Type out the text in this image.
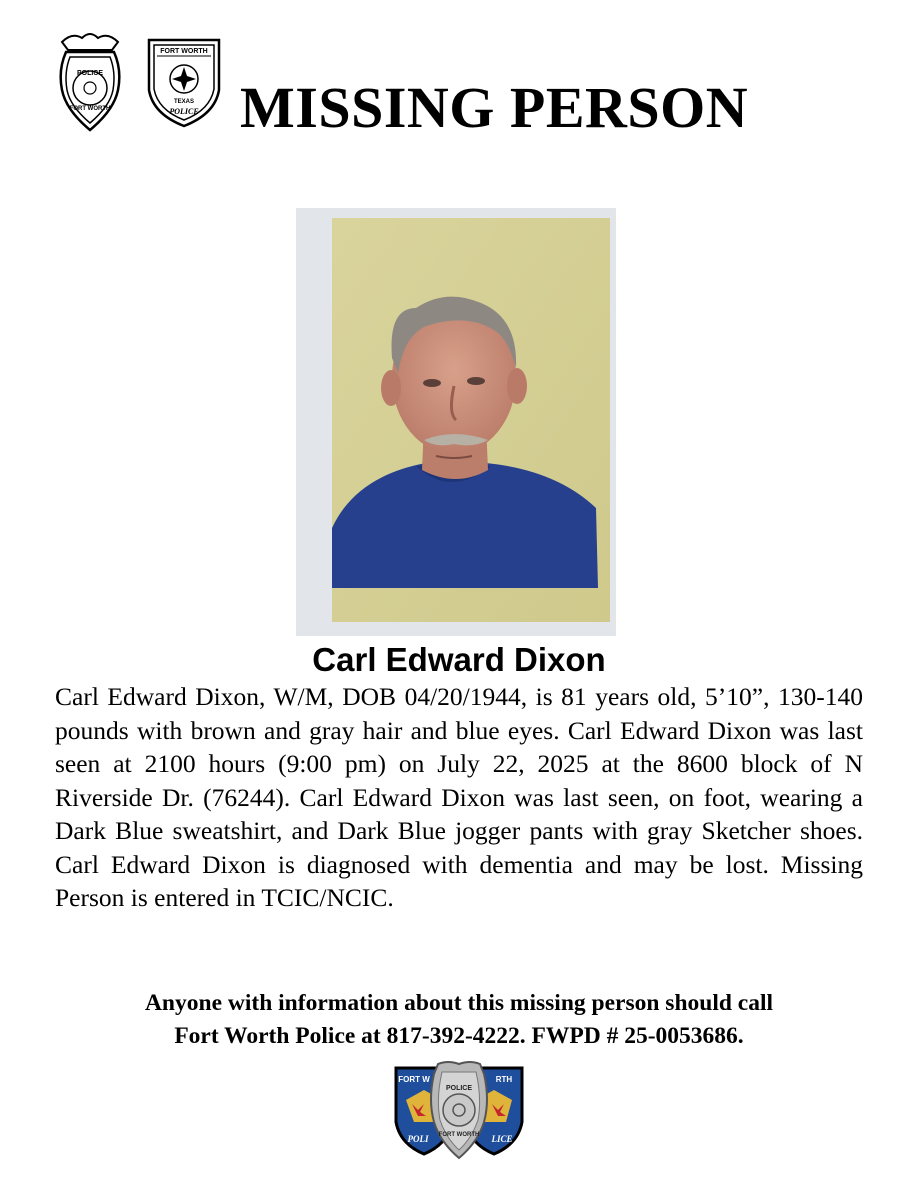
POLICE
FORT WORTH
FORT WORTH
TEXAS
POLICE MISSING PERSON
Carl Edward Dixon

Carl Edward Dixon, W/M, DOB 04/20/1944, is 81 years old, 5’10”, 130-140 pounds with brown and gray hair and blue eyes. Carl Edward Dixon was last seen at 2100 hours (9:00 pm) on July 22, 2025 at the 8600 block of N Riverside Dr. (76244). Carl Edward Dixon was last seen, on foot, wearing a Dark Blue sweatshirt, and Dark Blue jogger pants with gray Sketcher shoes. Carl Edward Dixon is diagnosed with dementia and may be lost. Missing Person is entered in TCIC/NCIC.

Anyone with information about this missing person should call
Fort Worth Police at 817-392-4222. FWPD # 25-0053686.
FORT W	RTH
POLI	LICE
POLICE
FORT WORTH
